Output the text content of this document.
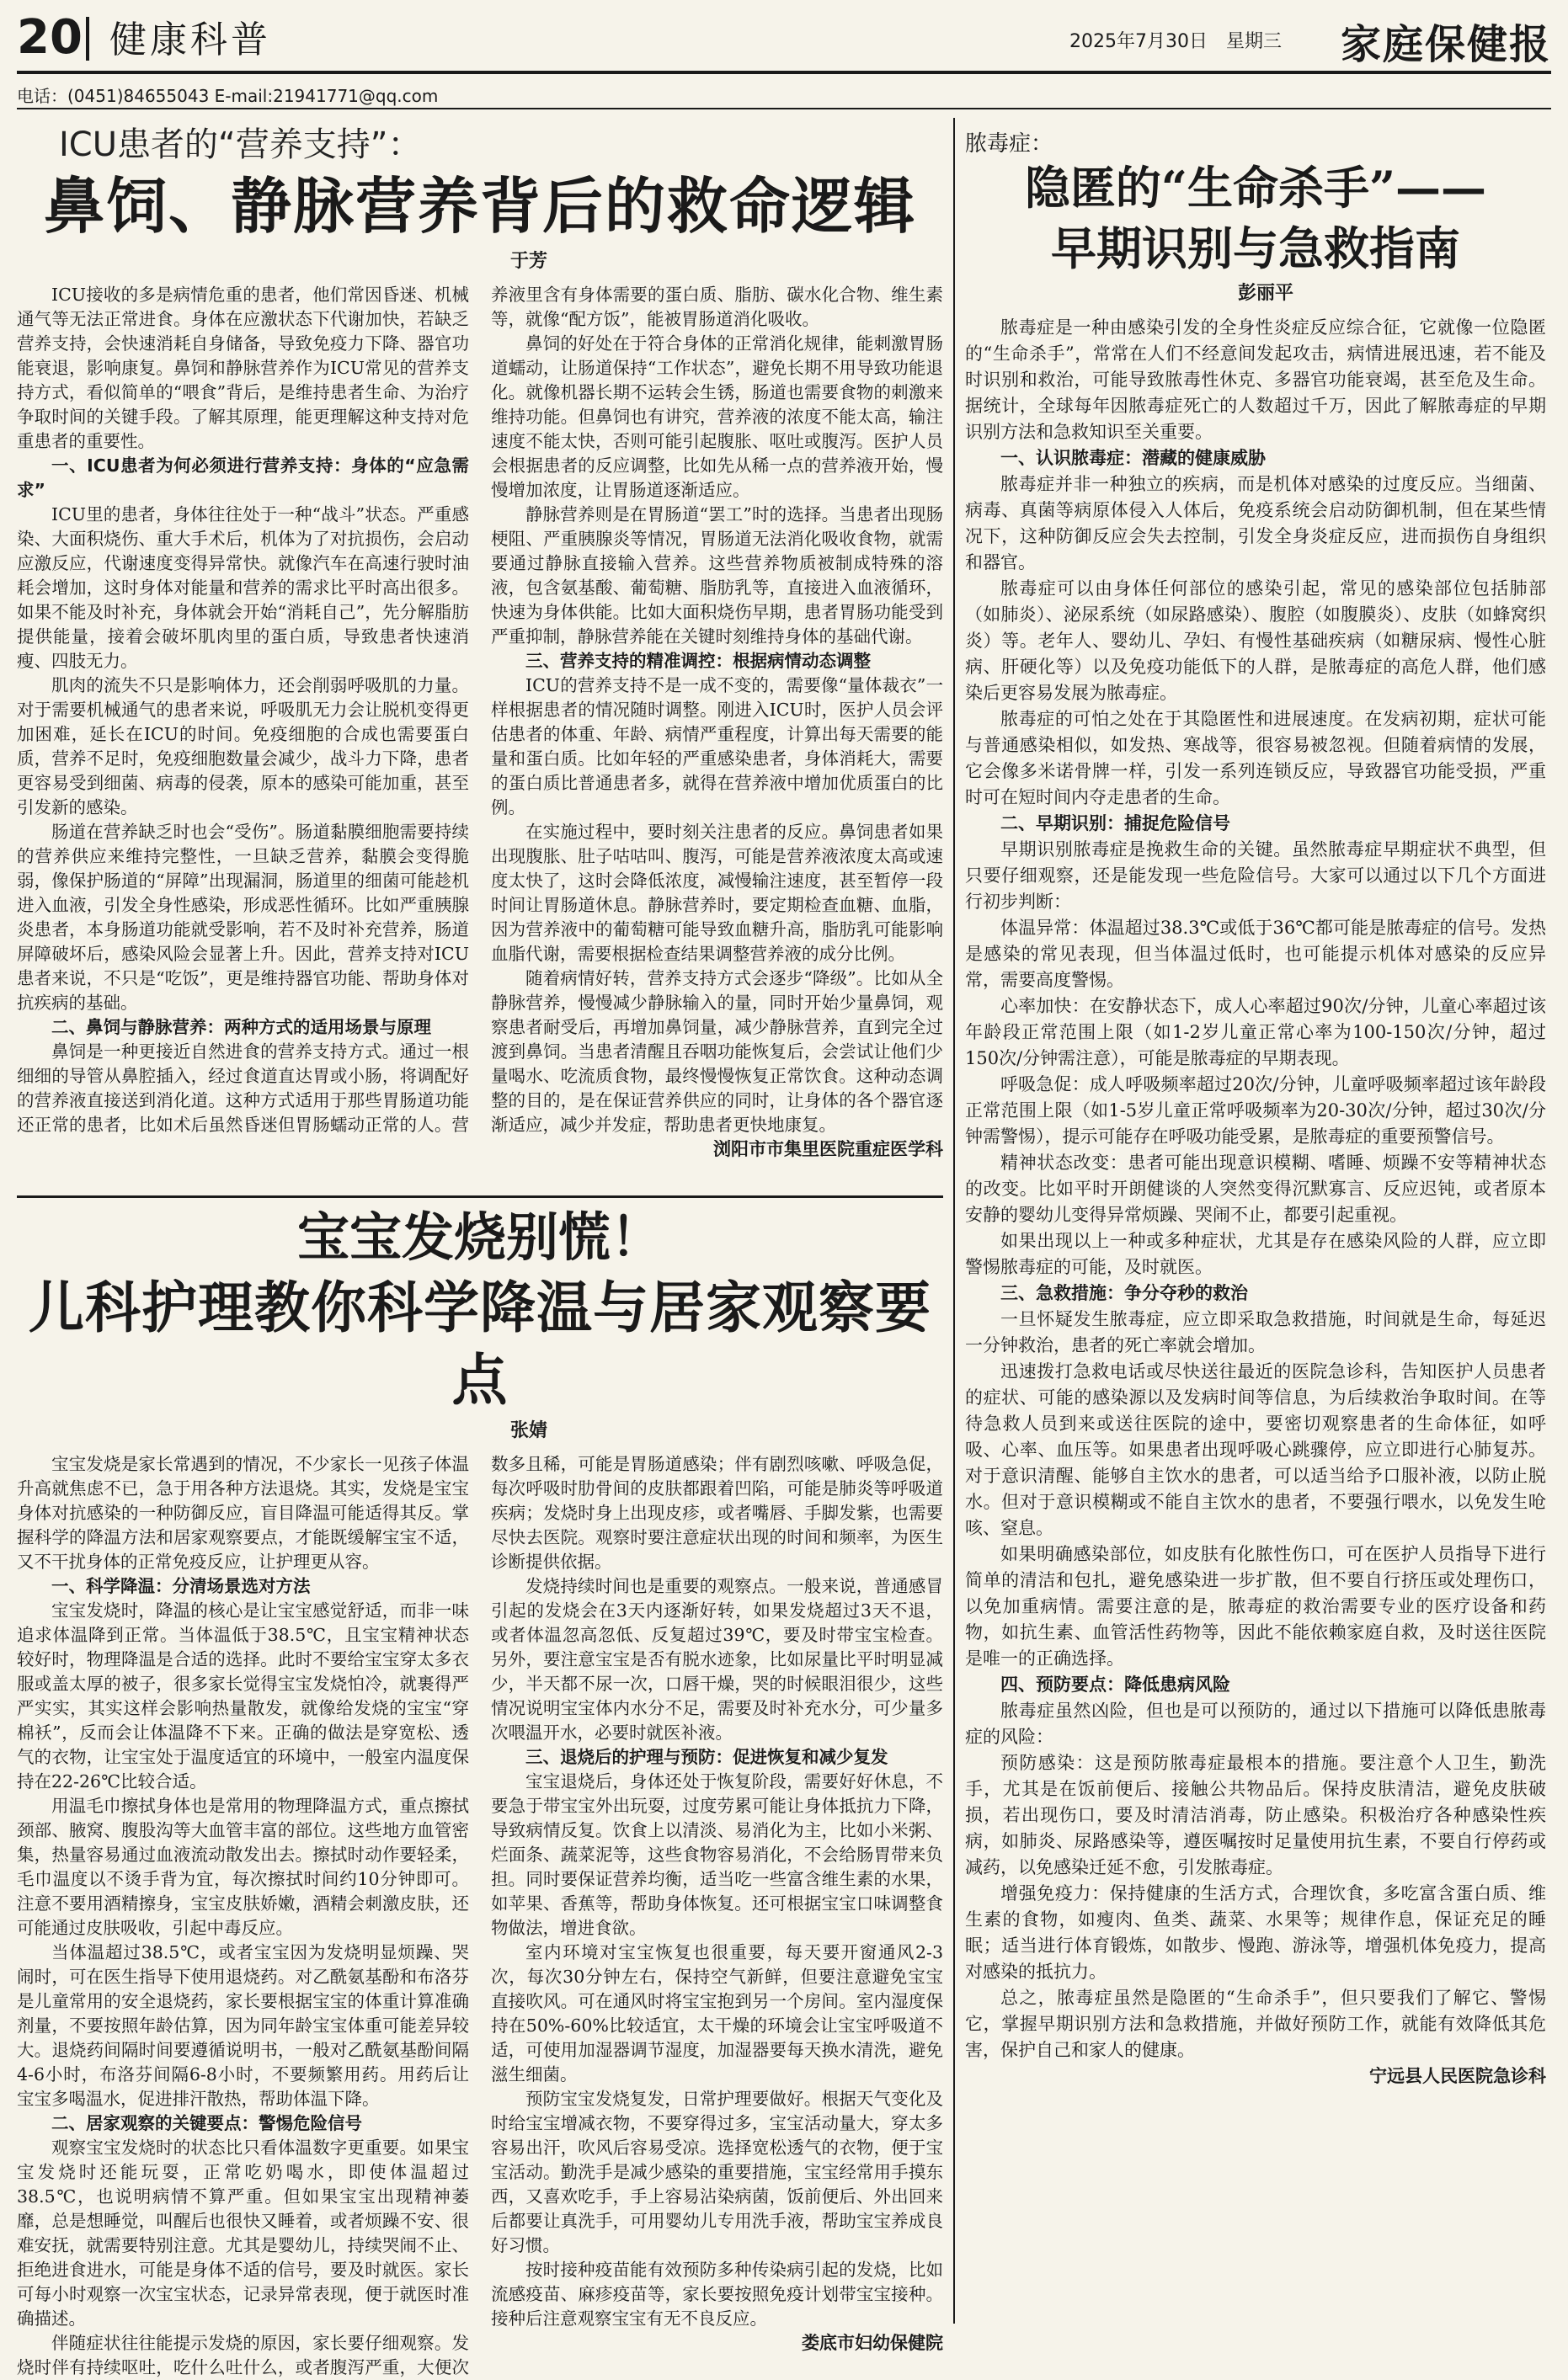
20 健康科普	2025年7月30日　星期三 家庭保健报
电话：(0451)84655043 E-mail:21941771@qq.com
ICU患者的“营养支持”：
鼻饲、静脉营养背后的救命逻辑
于芳

ICU接收的多是病情危重的患者，他们常因昏迷、机械通气等无法正常进食。身体在应激状态下代谢加快，若缺乏营养支持，会快速消耗自身储备，导致免疫力下降、器官功能衰退，影响康复。鼻饲和静脉营养作为ICU常见的营养支持方式，看似简单的“喂食”背后，是维持患者生命、为治疗争取时间的关键手段。了解其原理，能更理解这种支持对危重患者的重要性。

一、ICU患者为何必须进行营养支持：身体的“应急需求”

ICU里的患者，身体往往处于一种“战斗”状态。严重感染、大面积烧伤、重大手术后，机体为了对抗损伤，会启动应激反应，代谢速度变得异常快。就像汽车在高速行驶时油耗会增加，这时身体对能量和营养的需求比平时高出很多。如果不能及时补充，身体就会开始“消耗自己”，先分解脂肪提供能量，接着会破坏肌肉里的蛋白质，导致患者快速消瘦、四肢无力。

肌肉的流失不只是影响体力，还会削弱呼吸肌的力量。对于需要机械通气的患者来说，呼吸肌无力会让脱机变得更加困难，延长在ICU的时间。免疫细胞的合成也需要蛋白质，营养不足时，免疫细胞数量会减少，战斗力下降，患者更容易受到细菌、病毒的侵袭，原本的感染可能加重，甚至引发新的感染。

肠道在营养缺乏时也会“受伤”。肠道黏膜细胞需要持续的营养供应来维持完整性，一旦缺乏营养，黏膜会变得脆弱，像保护肠道的“屏障”出现漏洞，肠道里的细菌可能趁机进入血液，引发全身性感染，形成恶性循环。比如严重胰腺炎患者，本身肠道功能就受影响，若不及时补充营养，肠道屏障破坏后，感染风险会显著上升。因此，营养支持对ICU患者来说，不只是“吃饭”，更是维持器官功能、帮助身体对抗疾病的基础。

二、鼻饲与静脉营养：两种方式的适用场景与原理

鼻饲是一种更接近自然进食的营养支持方式。通过一根细细的导管从鼻腔插入，经过食道直达胃或小肠，将调配好的营养液直接送到消化道。这种方式适用于那些胃肠道功能还正常的患者，比如术后虽然昏迷但胃肠蠕动正常的人。营养液里含有身体需要的蛋白质、脂肪、碳水化合物、维生素等，就像“配方饭”，能被胃肠道消化吸收。

鼻饲的好处在于符合身体的正常消化规律，能刺激胃肠道蠕动，让肠道保持“工作状态”，避免长期不用导致功能退化。就像机器长期不运转会生锈，肠道也需要食物的刺激来维持功能。但鼻饲也有讲究，营养液的浓度不能太高，输注速度不能太快，否则可能引起腹胀、呕吐或腹泻。医护人员会根据患者的反应调整，比如先从稀一点的营养液开始，慢慢增加浓度，让胃肠道逐渐适应。

静脉营养则是在胃肠道“罢工”时的选择。当患者出现肠梗阻、严重胰腺炎等情况，胃肠道无法消化吸收食物，就需要通过静脉直接输入营养。这些营养物质被制成特殊的溶液，包含氨基酸、葡萄糖、脂肪乳等，直接进入血液循环，快速为身体供能。比如大面积烧伤早期，患者胃肠功能受到严重抑制，静脉营养能在关键时刻维持身体的基础代谢。

三、营养支持的精准调控：根据病情动态调整

ICU的营养支持不是一成不变的，需要像“量体裁衣”一样根据患者的情况随时调整。刚进入ICU时，医护人员会评估患者的体重、年龄、病情严重程度，计算出每天需要的能量和蛋白质。比如年轻的严重感染患者，身体消耗大，需要的蛋白质比普通患者多，就得在营养液中增加优质蛋白的比例。

在实施过程中，要时刻关注患者的反应。鼻饲患者如果出现腹胀、肚子咕咕叫、腹泻，可能是营养液浓度太高或速度太快了，这时会降低浓度，减慢输注速度，甚至暂停一段时间让胃肠道休息。静脉营养时，要定期检查血糖、血脂，因为营养液中的葡萄糖可能导致血糖升高，脂肪乳可能影响血脂代谢，需要根据检查结果调整营养液的成分比例。

随着病情好转，营养支持方式会逐步“降级”。比如从全静脉营养，慢慢减少静脉输入的量，同时开始少量鼻饲，观察患者耐受后，再增加鼻饲量，减少静脉营养，直到完全过渡到鼻饲。当患者清醒且吞咽功能恢复后，会尝试让他们少量喝水、吃流质食物，最终慢慢恢复正常饮食。这种动态调整的目的，是在保证营养供应的同时，让身体的各个器官逐渐适应，减少并发症，帮助患者更快地康复。

浏阳市市集里医院重症医学科
宝宝发烧别慌！
儿科护理教你科学降温与居家观察要点
张婧

宝宝发烧是家长常遇到的情况，不少家长一见孩子体温升高就焦虑不已，急于用各种方法退烧。其实，发烧是宝宝身体对抗感染的一种防御反应，盲目降温可能适得其反。掌握科学的降温方法和居家观察要点，才能既缓解宝宝不适，又不干扰身体的正常免疫反应，让护理更从容。

一、科学降温：分清场景选对方法

宝宝发烧时，降温的核心是让宝宝感觉舒适，而非一味追求体温降到正常。当体温低于38.5℃，且宝宝精神状态较好时，物理降温是合适的选择。此时不要给宝宝穿太多衣服或盖太厚的被子，很多家长觉得宝宝发烧怕冷，就裹得严严实实，其实这样会影响热量散发，就像给发烧的宝宝“穿棉袄”，反而会让体温降不下来。正确的做法是穿宽松、透气的衣物，让宝宝处于温度适宜的环境中，一般室内温度保持在22-26℃比较合适。

用温毛巾擦拭身体也是常用的物理降温方式，重点擦拭颈部、腋窝、腹股沟等大血管丰富的部位。这些地方血管密集，热量容易通过血液流动散发出去。擦拭时动作要轻柔，毛巾温度以不烫手背为宜，每次擦拭时间约10分钟即可。注意不要用酒精擦身，宝宝皮肤娇嫩，酒精会刺激皮肤，还可能通过皮肤吸收，引起中毒反应。

当体温超过38.5℃，或者宝宝因为发烧明显烦躁、哭闹时，可在医生指导下使用退烧药。对乙酰氨基酚和布洛芬是儿童常用的安全退烧药，家长要根据宝宝的体重计算准确剂量，不要按照年龄估算，因为同年龄宝宝体重可能差异较大。退烧药间隔时间要遵循说明书，一般对乙酰氨基酚间隔4-6小时，布洛芬间隔6-8小时，不要频繁用药。用药后让宝宝多喝温水，促进排汗散热，帮助体温下降。

二、居家观察的关键要点：警惕危险信号

观察宝宝发烧时的状态比只看体温数字更重要。如果宝宝发烧时还能玩耍，正常吃奶喝水，即使体温超过38.5℃，也说明病情不算严重。但如果宝宝出现精神萎靡，总是想睡觉，叫醒后也很快又睡着，或者烦躁不安、很难安抚，就需要特别注意。尤其是婴幼儿，持续哭闹不止、拒绝进食进水，可能是身体不适的信号，要及时就医。家长可每小时观察一次宝宝状态，记录异常表现，便于就医时准确描述。

伴随症状往往能提示发烧的原因，家长要仔细观察。发烧时伴有持续呕吐，吃什么吐什么，或者腹泻严重，大便次数多且稀，可能是胃肠道感染；伴有剧烈咳嗽、呼吸急促，每次呼吸时肋骨间的皮肤都跟着凹陷，可能是肺炎等呼吸道疾病；发烧时身上出现皮疹，或者嘴唇、手脚发紫，也需要尽快去医院。观察时要注意症状出现的时间和频率，为医生诊断提供依据。

发烧持续时间也是重要的观察点。一般来说，普通感冒引起的发烧会在3天内逐渐好转，如果发烧超过3天不退，或者体温忽高忽低、反复超过39℃，要及时带宝宝检查。另外，要注意宝宝是否有脱水迹象，比如尿量比平时明显减少，半天都不尿一次，口唇干燥，哭的时候眼泪很少，这些情况说明宝宝体内水分不足，需要及时补充水分，可少量多次喂温开水，必要时就医补液。

三、退烧后的护理与预防：促进恢复和减少复发

宝宝退烧后，身体还处于恢复阶段，需要好好休息，不要急于带宝宝外出玩耍，过度劳累可能让身体抵抗力下降，导致病情反复。饮食上以清淡、易消化为主，比如小米粥、烂面条、蔬菜泥等，这些食物容易消化，不会给肠胃带来负担。同时要保证营养均衡，适当吃一些富含维生素的水果，如苹果、香蕉等，帮助身体恢复。还可根据宝宝口味调整食物做法，增进食欲。

室内环境对宝宝恢复也很重要，每天要开窗通风2-3次，每次30分钟左右，保持空气新鲜，但要注意避免宝宝直接吹风。可在通风时将宝宝抱到另一个房间。室内湿度保持在50%-60%比较适宜，太干燥的环境会让宝宝呼吸道不适，可使用加湿器调节湿度，加湿器要每天换水清洗，避免滋生细菌。

预防宝宝发烧复发，日常护理要做好。根据天气变化及时给宝宝增减衣物，不要穿得过多，宝宝活动量大，穿太多容易出汗，吹风后容易受凉。选择宽松透气的衣物，便于宝宝活动。勤洗手是减少感染的重要措施，宝宝经常用手摸东西，又喜欢吃手，手上容易沾染病菌，饭前便后、外出回来后都要让真洗手，可用婴幼儿专用洗手液，帮助宝宝养成良好习惯。

按时接种疫苗能有效预防多种传染病引起的发烧，比如流感疫苗、麻疹疫苗等，家长要按照免疫计划带宝宝接种。接种后注意观察宝宝有无不良反应。

娄底市妇幼保健院
脓毒症：
隐匿的“生命杀手”——
早期识别与急救指南
彭丽平

脓毒症是一种由感染引发的全身性炎症反应综合征，它就像一位隐匿的“生命杀手”，常常在人们不经意间发起攻击，病情进展迅速，若不能及时识别和救治，可能导致脓毒性休克、多器官功能衰竭，甚至危及生命。据统计，全球每年因脓毒症死亡的人数超过千万，因此了解脓毒症的早期识别方法和急救知识至关重要。

一、认识脓毒症：潜藏的健康威胁

脓毒症并非一种独立的疾病，而是机体对感染的过度反应。当细菌、病毒、真菌等病原体侵入人体后，免疫系统会启动防御机制，但在某些情况下，这种防御反应会失去控制，引发全身炎症反应，进而损伤自身组织和器官。

脓毒症可以由身体任何部位的感染引起，常见的感染部位包括肺部（如肺炎）、泌尿系统（如尿路感染）、腹腔（如腹膜炎）、皮肤（如蜂窝织炎）等。老年人、婴幼儿、孕妇、有慢性基础疾病（如糖尿病、慢性心脏病、肝硬化等）以及免疫功能低下的人群，是脓毒症的高危人群，他们感染后更容易发展为脓毒症。

脓毒症的可怕之处在于其隐匿性和进展速度。在发病初期，症状可能与普通感染相似，如发热、寒战等，很容易被忽视。但随着病情的发展，它会像多米诺骨牌一样，引发一系列连锁反应，导致器官功能受损，严重时可在短时间内夺走患者的生命。

二、早期识别：捕捉危险信号

早期识别脓毒症是挽救生命的关键。虽然脓毒症早期症状不典型，但只要仔细观察，还是能发现一些危险信号。大家可以通过以下几个方面进行初步判断：

体温异常：体温超过38.3℃或低于36℃都可能是脓毒症的信号。发热是感染的常见表现，但当体温过低时，也可能提示机体对感染的反应异常，需要高度警惕。

心率加快：在安静状态下，成人心率超过90次/分钟，儿童心率超过该年龄段正常范围上限（如1-2岁儿童正常心率为100-150次/分钟，超过150次/分钟需注意），可能是脓毒症的早期表现。

呼吸急促：成人呼吸频率超过20次/分钟，儿童呼吸频率超过该年龄段正常范围上限（如1-5岁儿童正常呼吸频率为20-30次/分钟，超过30次/分钟需警惕），提示可能存在呼吸功能受累，是脓毒症的重要预警信号。

精神状态改变：患者可能出现意识模糊、嗜睡、烦躁不安等精神状态的改变。比如平时开朗健谈的人突然变得沉默寡言、反应迟钝，或者原本安静的婴幼儿变得异常烦躁、哭闹不止，都要引起重视。

如果出现以上一种或多种症状，尤其是存在感染风险的人群，应立即警惕脓毒症的可能，及时就医。

三、急救措施：争分夺秒的救治

一旦怀疑发生脓毒症，应立即采取急救措施，时间就是生命，每延迟一分钟救治，患者的死亡率就会增加。

迅速拨打急救电话或尽快送往最近的医院急诊科，告知医护人员患者的症状、可能的感染源以及发病时间等信息，为后续救治争取时间。在等待急救人员到来或送往医院的途中，要密切观察患者的生命体征，如呼吸、心率、血压等。如果患者出现呼吸心跳骤停，应立即进行心肺复苏。对于意识清醒、能够自主饮水的患者，可以适当给予口服补液，以防止脱水。但对于意识模糊或不能自主饮水的患者，不要强行喂水，以免发生呛咳、窒息。

如果明确感染部位，如皮肤有化脓性伤口，可在医护人员指导下进行简单的清洁和包扎，避免感染进一步扩散，但不要自行挤压或处理伤口，以免加重病情。需要注意的是，脓毒症的救治需要专业的医疗设备和药物，如抗生素、血管活性药物等，因此不能依赖家庭自救，及时送往医院是唯一的正确选择。

四、预防要点：降低患病风险

脓毒症虽然凶险，但也是可以预防的，通过以下措施可以降低患脓毒症的风险：

预防感染：这是预防脓毒症最根本的措施。要注意个人卫生，勤洗手，尤其是在饭前便后、接触公共物品后。保持皮肤清洁，避免皮肤破损，若出现伤口，要及时清洁消毒，防止感染。积极治疗各种感染性疾病，如肺炎、尿路感染等，遵医嘱按时足量使用抗生素，不要自行停药或减药，以免感染迁延不愈，引发脓毒症。

增强免疫力：保持健康的生活方式，合理饮食，多吃富含蛋白质、维生素的食物，如瘦肉、鱼类、蔬菜、水果等；规律作息，保证充足的睡眠；适当进行体育锻炼，如散步、慢跑、游泳等，增强机体免疫力，提高对感染的抵抗力。

总之，脓毒症虽然是隐匿的“生命杀手”，但只要我们了解它、警惕它，掌握早期识别方法和急救措施，并做好预防工作，就能有效降低其危害，保护自己和家人的健康。

宁远县人民医院急诊科
